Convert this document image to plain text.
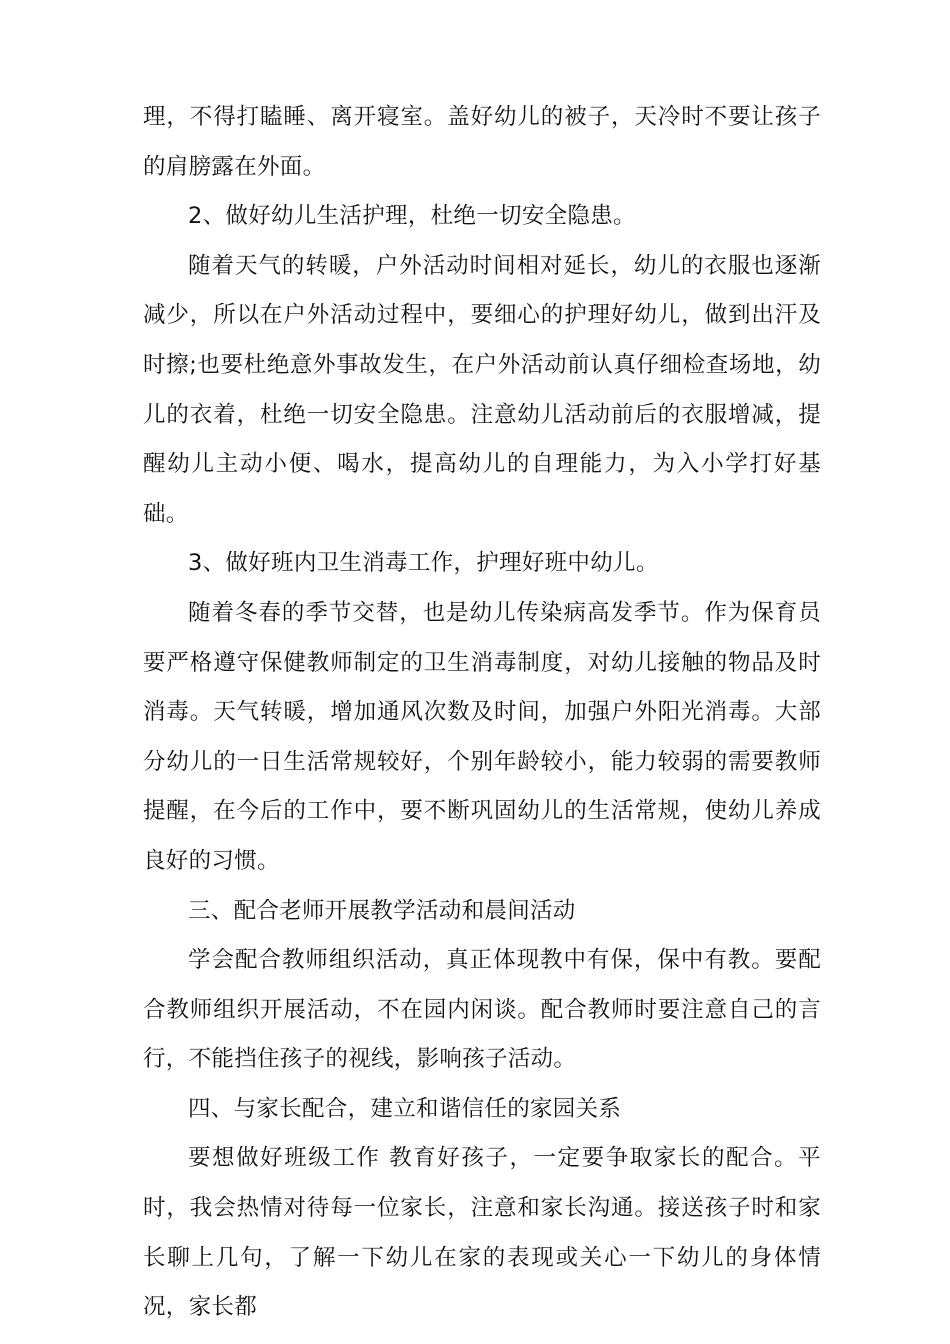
理，不得打瞌睡、离开寝室。盖好幼儿的被子，天冷时不要让孩子的肩膀露在外面。

2、做好幼儿生活护理，杜绝一切安全隐患。

随着天气的转暖，户外活动时间相对延长，幼儿的衣服也逐渐减少，所以在户外活动过程中，要细心的护理好幼儿，做到出汗及时擦;也要杜绝意外事故发生，在户外活动前认真仔细检查场地，幼儿的衣着，杜绝一切安全隐患。注意幼儿活动前后的衣服增减，提醒幼儿主动小便、喝水，提高幼儿的自理能力，为入小学打好基础。

3、做好班内卫生消毒工作，护理好班中幼儿。

随着冬春的季节交替，也是幼儿传染病高发季节。作为保育员要严格遵守保健教师制定的卫生消毒制度，对幼儿接触的物品及时消毒。天气转暖，增加通风次数及时间，加强户外阳光消毒。大部分幼儿的一日生活常规较好，个别年龄较小，能力较弱的需要教师提醒，在今后的工作中，要不断巩固幼儿的生活常规，使幼儿养成良好的习惯。

三、配合老师开展教学活动和晨间活动

学会配合教师组织活动，真正体现教中有保，保中有教。要配合教师组织开展活动，不在园内闲谈。配合教师时要注意自己的言行，不能挡住孩子的视线，影响孩子活动。

四、与家长配合，建立和谐信任的家园关系

要想做好班级工作 教育好孩子，一定要争取家长的配合。平时，我会热情对待每一位家长，注意和家长沟通。接送孩子时和家长聊上几句，了解一下幼儿在家的表现或关心一下幼儿的身体情况，家长都
